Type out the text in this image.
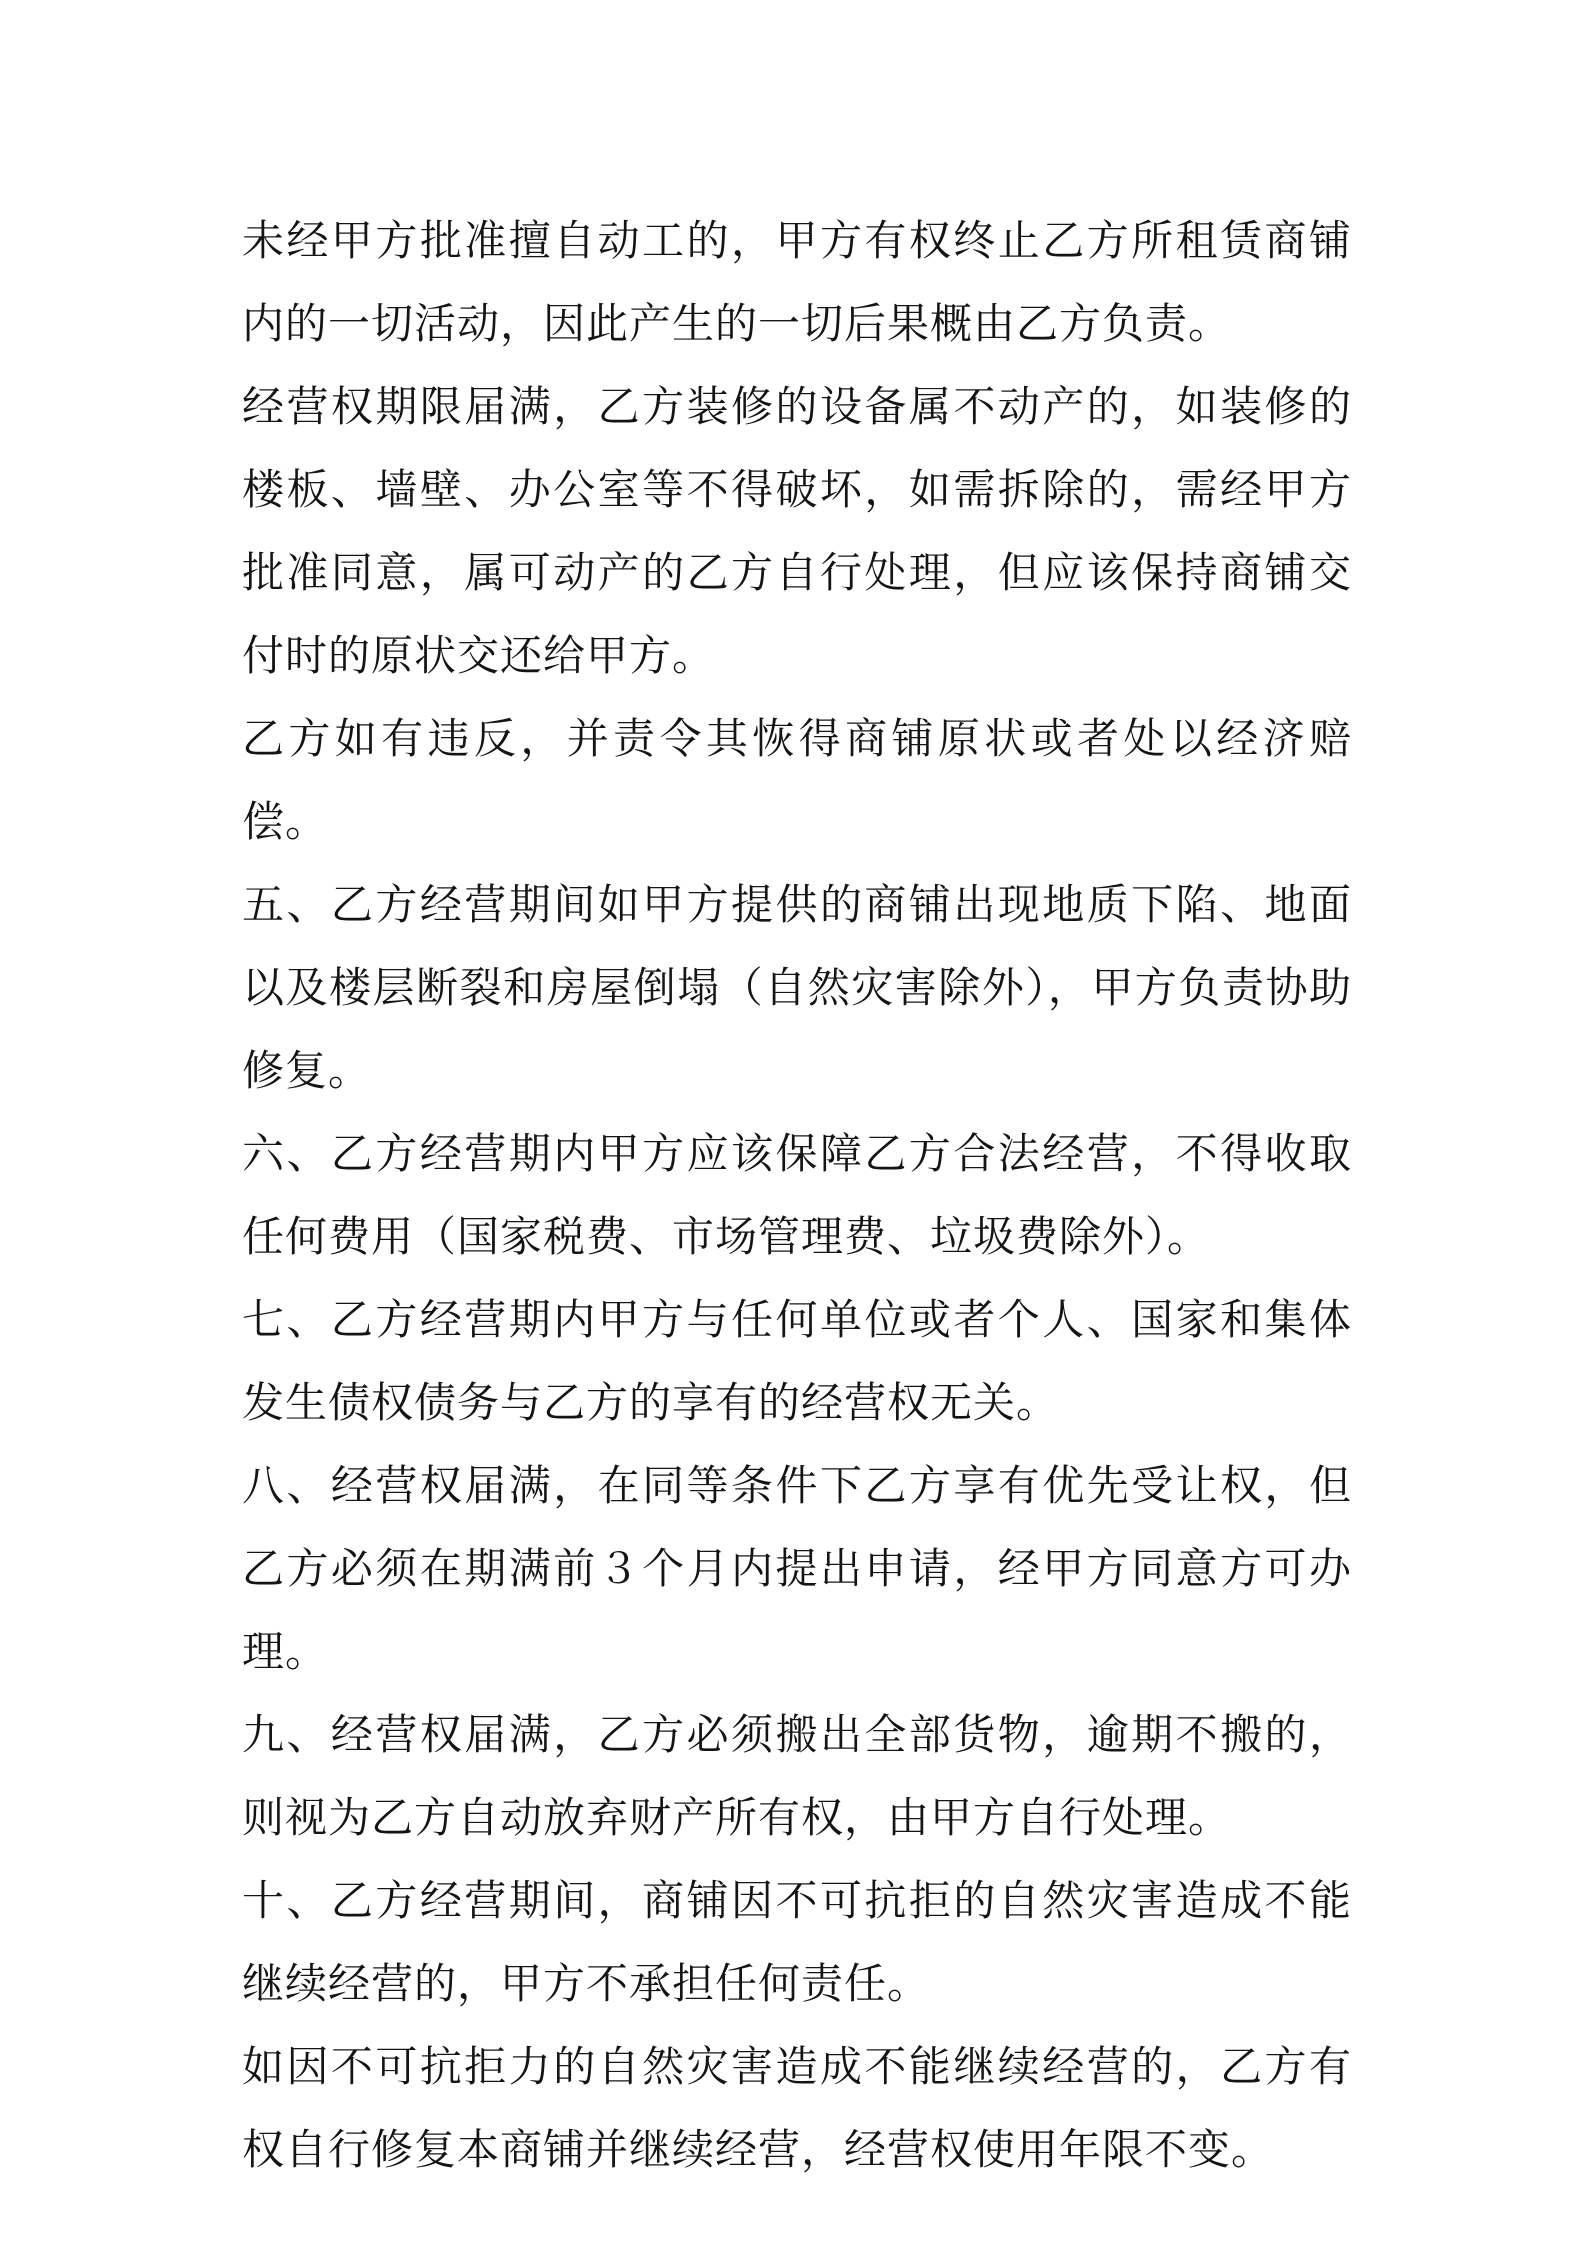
未经甲方批准擅自动工的，甲方有权终止乙方所租赁商铺内的一切活动，因此产生的一切后果概由乙方负责。

经营权期限届满，乙方装修的设备属不动产的，如装修的楼板、墙壁、办公室等不得破坏，如需拆除的，需经甲方批准同意，属可动产的乙方自行处理，但应该保持商铺交付时的原状交还给甲方。

乙方如有违反，并责令其恢得商铺原状或者处以经济赔偿。

五、乙方经营期间如甲方提供的商铺出现地质下陷、地面以及楼层断裂和房屋倒塌（自然灾害除外），甲方负责协助修复。

六、乙方经营期内甲方应该保障乙方合法经营，不得收取任何费用（国家税费、市场管理费、垃圾费除外）。

七、乙方经营期内甲方与任何单位或者个人、国家和集体发生债权债务与乙方的享有的经营权无关。

八、经营权届满，在同等条件下乙方享有优先受让权，但乙方必须在期满前３个月内提出申请，经甲方同意方可办理。

九、经营权届满，乙方必须搬出全部货物，逾期不搬的，则视为乙方自动放弃财产所有权，由甲方自行处理。

十、乙方经营期间，商铺因不可抗拒的自然灾害造成不能继续经营的，甲方不承担任何责任。

如因不可抗拒力的自然灾害造成不能继续经营的，乙方有权自行修复本商铺并继续经营，经营权使用年限不变。
